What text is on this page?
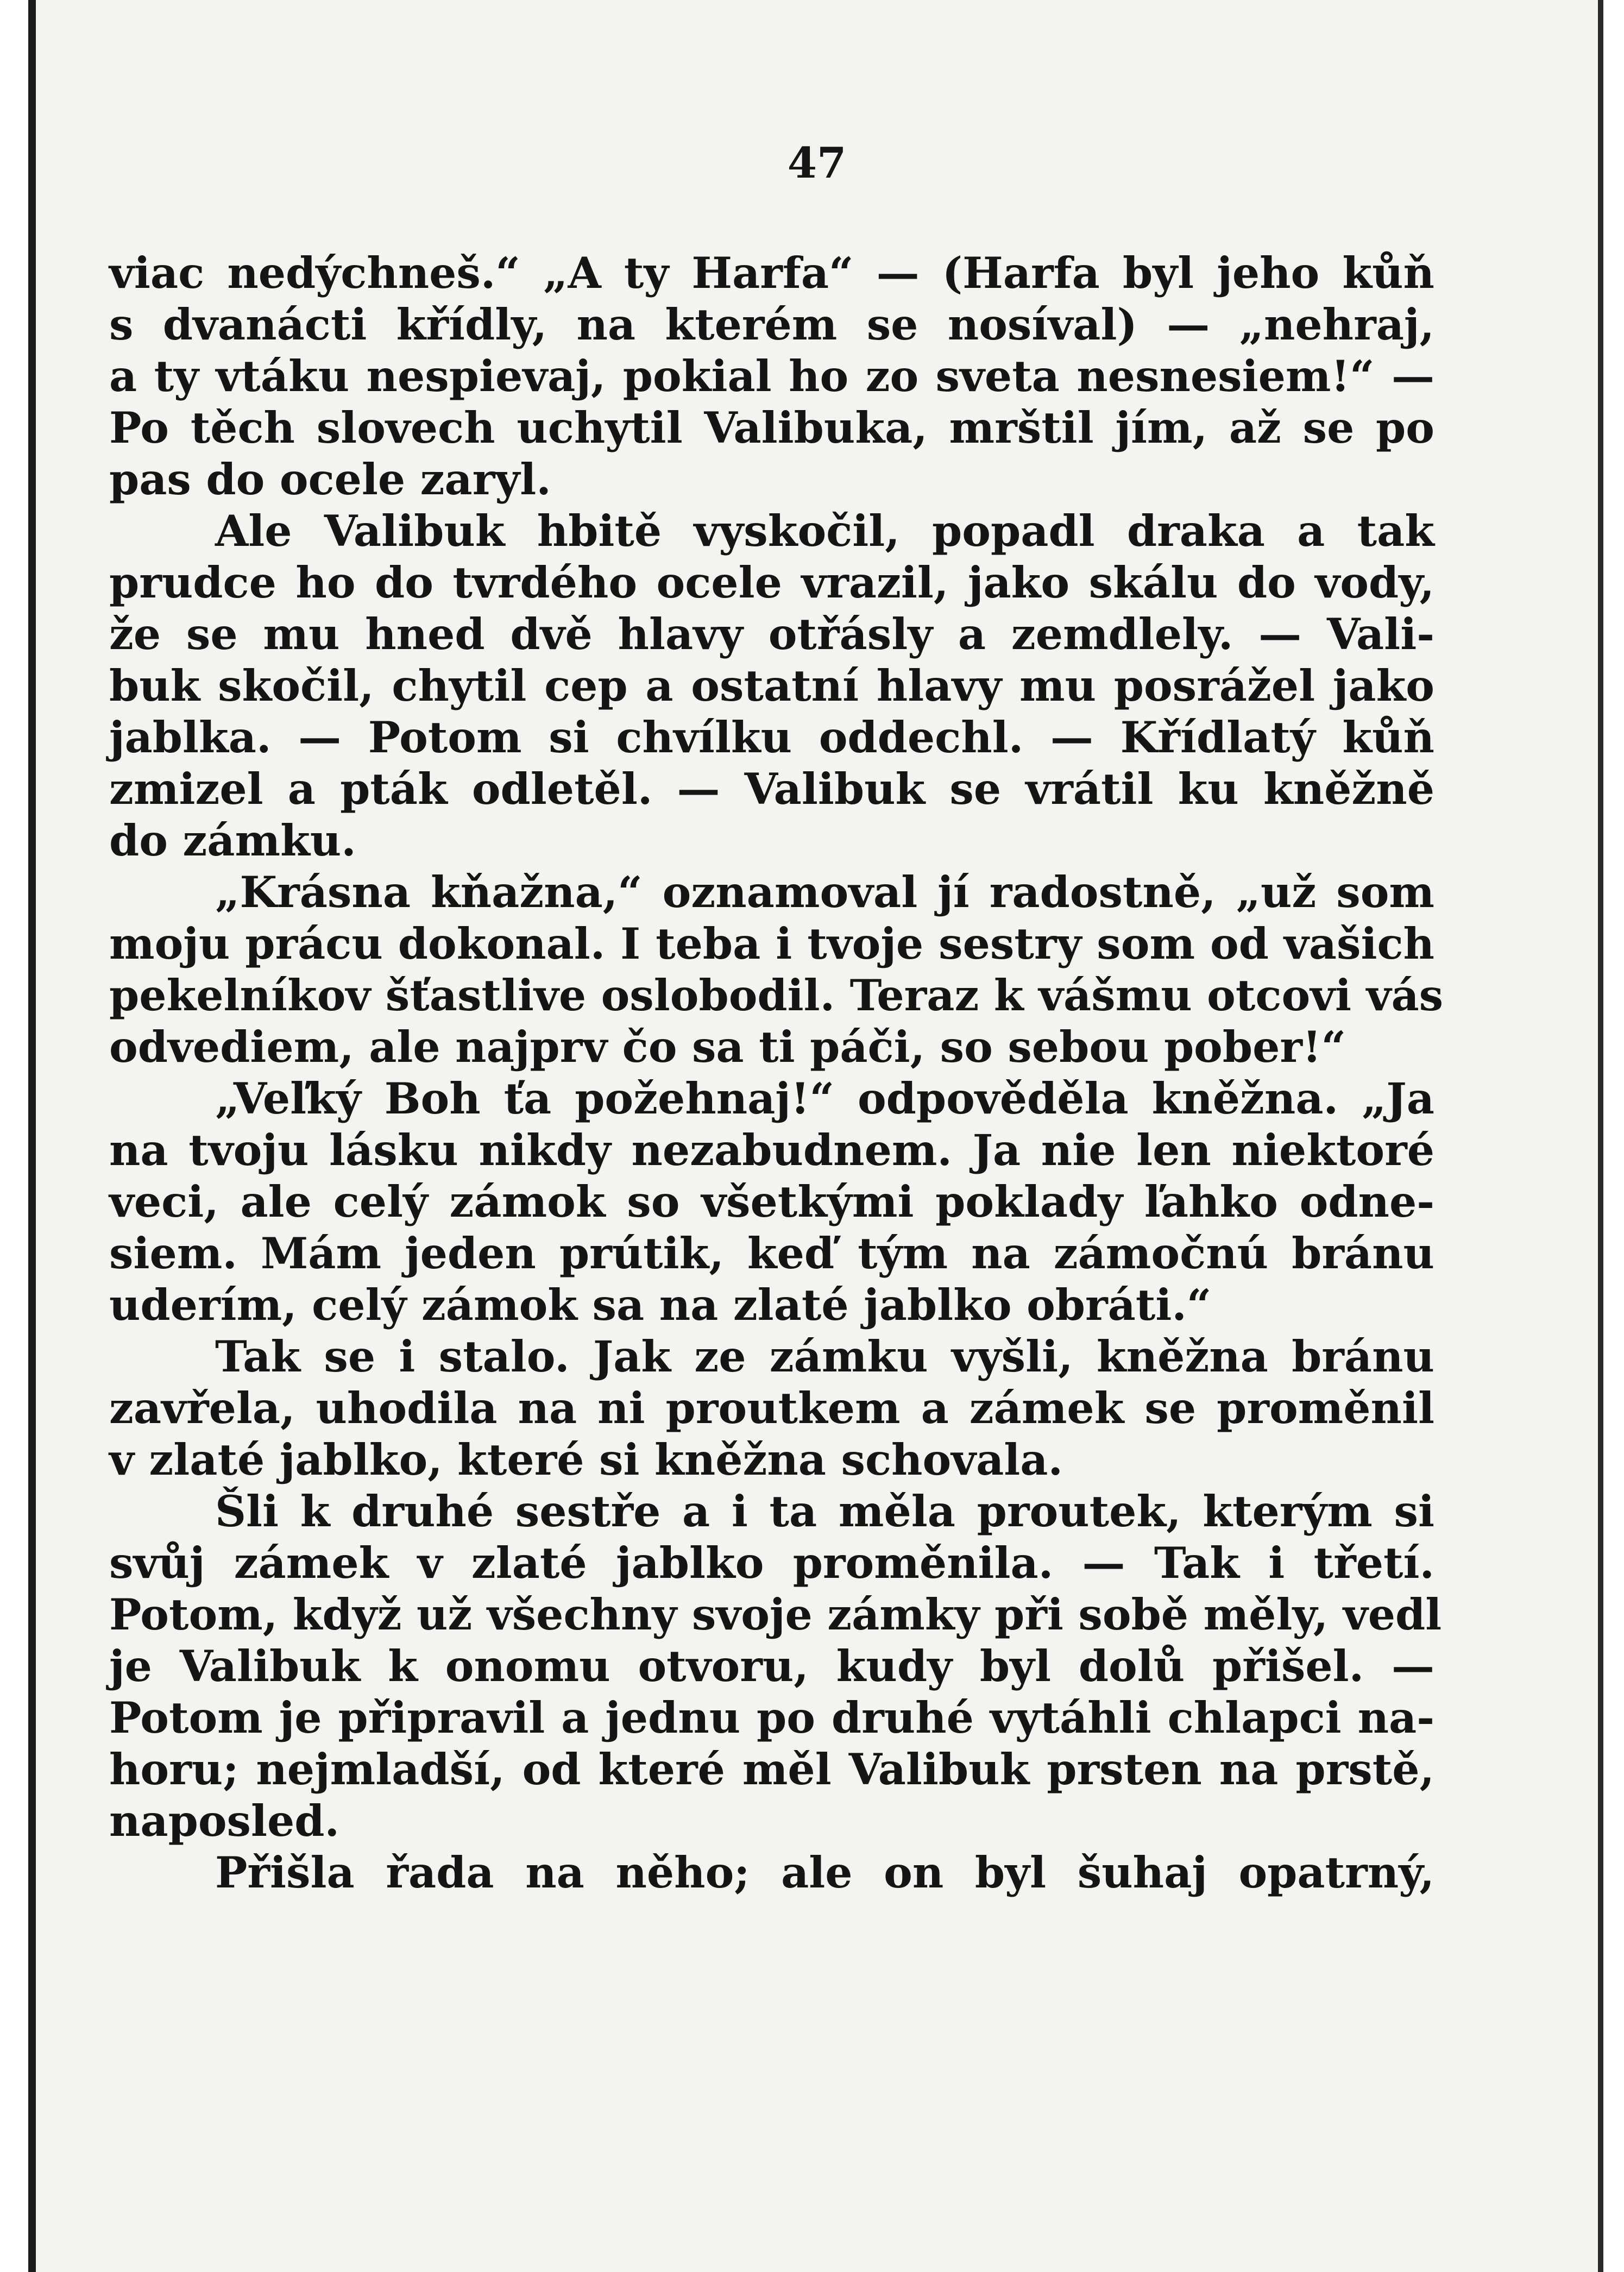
47
viac nedýchneš.“ „A ty Harfa“ — (Harfa byl jeho kůň
s dvanácti křídly, na kterém se nosíval) — „nehraj,
a ty vtáku nespievaj, pokial ho zo sveta nesnesiem!“ —
Po těch slovech uchytil Valibuka, mrštil jím, až se po
pas do ocele zaryl.
Ale Valibuk hbitě vyskočil, popadl draka a tak
prudce ho do tvrdého ocele vrazil, jako skálu do vody,
že se mu hned dvě hlavy otřásly a zemdlely. — Vali-
buk skočil, chytil cep a ostatní hlavy mu posrážel jako
jablka. — Potom si chvílku oddechl. — Křídlatý kůň
zmizel a pták odletěl. — Valibuk se vrátil ku kněžně
do zámku.
„Krásna kňažna,“ oznamoval jí radostně, „už som
moju prácu dokonal. I teba i tvoje sestry som od vašich
pekelníkov šťastlive oslobodil. Teraz k vášmu otcovi vás
odvediem, ale najprv čo sa ti páči, so sebou pober!“
„Veľký Boh ťa požehnaj!“ odpověděla kněžna. „Ja
na tvoju lásku nikdy nezabudnem. Ja nie len niektoré
veci, ale celý zámok so všetkými poklady ľahko odne-
siem. Mám jeden prútik, keď tým na zámočnú bránu
uderím, celý zámok sa na zlaté jablko obráti.“
Tak se i stalo. Jak ze zámku vyšli, kněžna bránu
zavřela, uhodila na ni proutkem a zámek se proměnil
v zlaté jablko, které si kněžna schovala.
Šli k druhé sestře a i ta měla proutek, kterým si
svůj zámek v zlaté jablko proměnila. — Tak i třetí.
Potom, když už všechny svoje zámky při sobě měly, vedl
je Valibuk k onomu otvoru, kudy byl dolů přišel. —
Potom je připravil a jednu po druhé vytáhli chlapci na-
horu; nejmladší, od které měl Valibuk prsten na prstě,
naposled.
Přišla řada na něho; ale on byl šuhaj opatrný,
